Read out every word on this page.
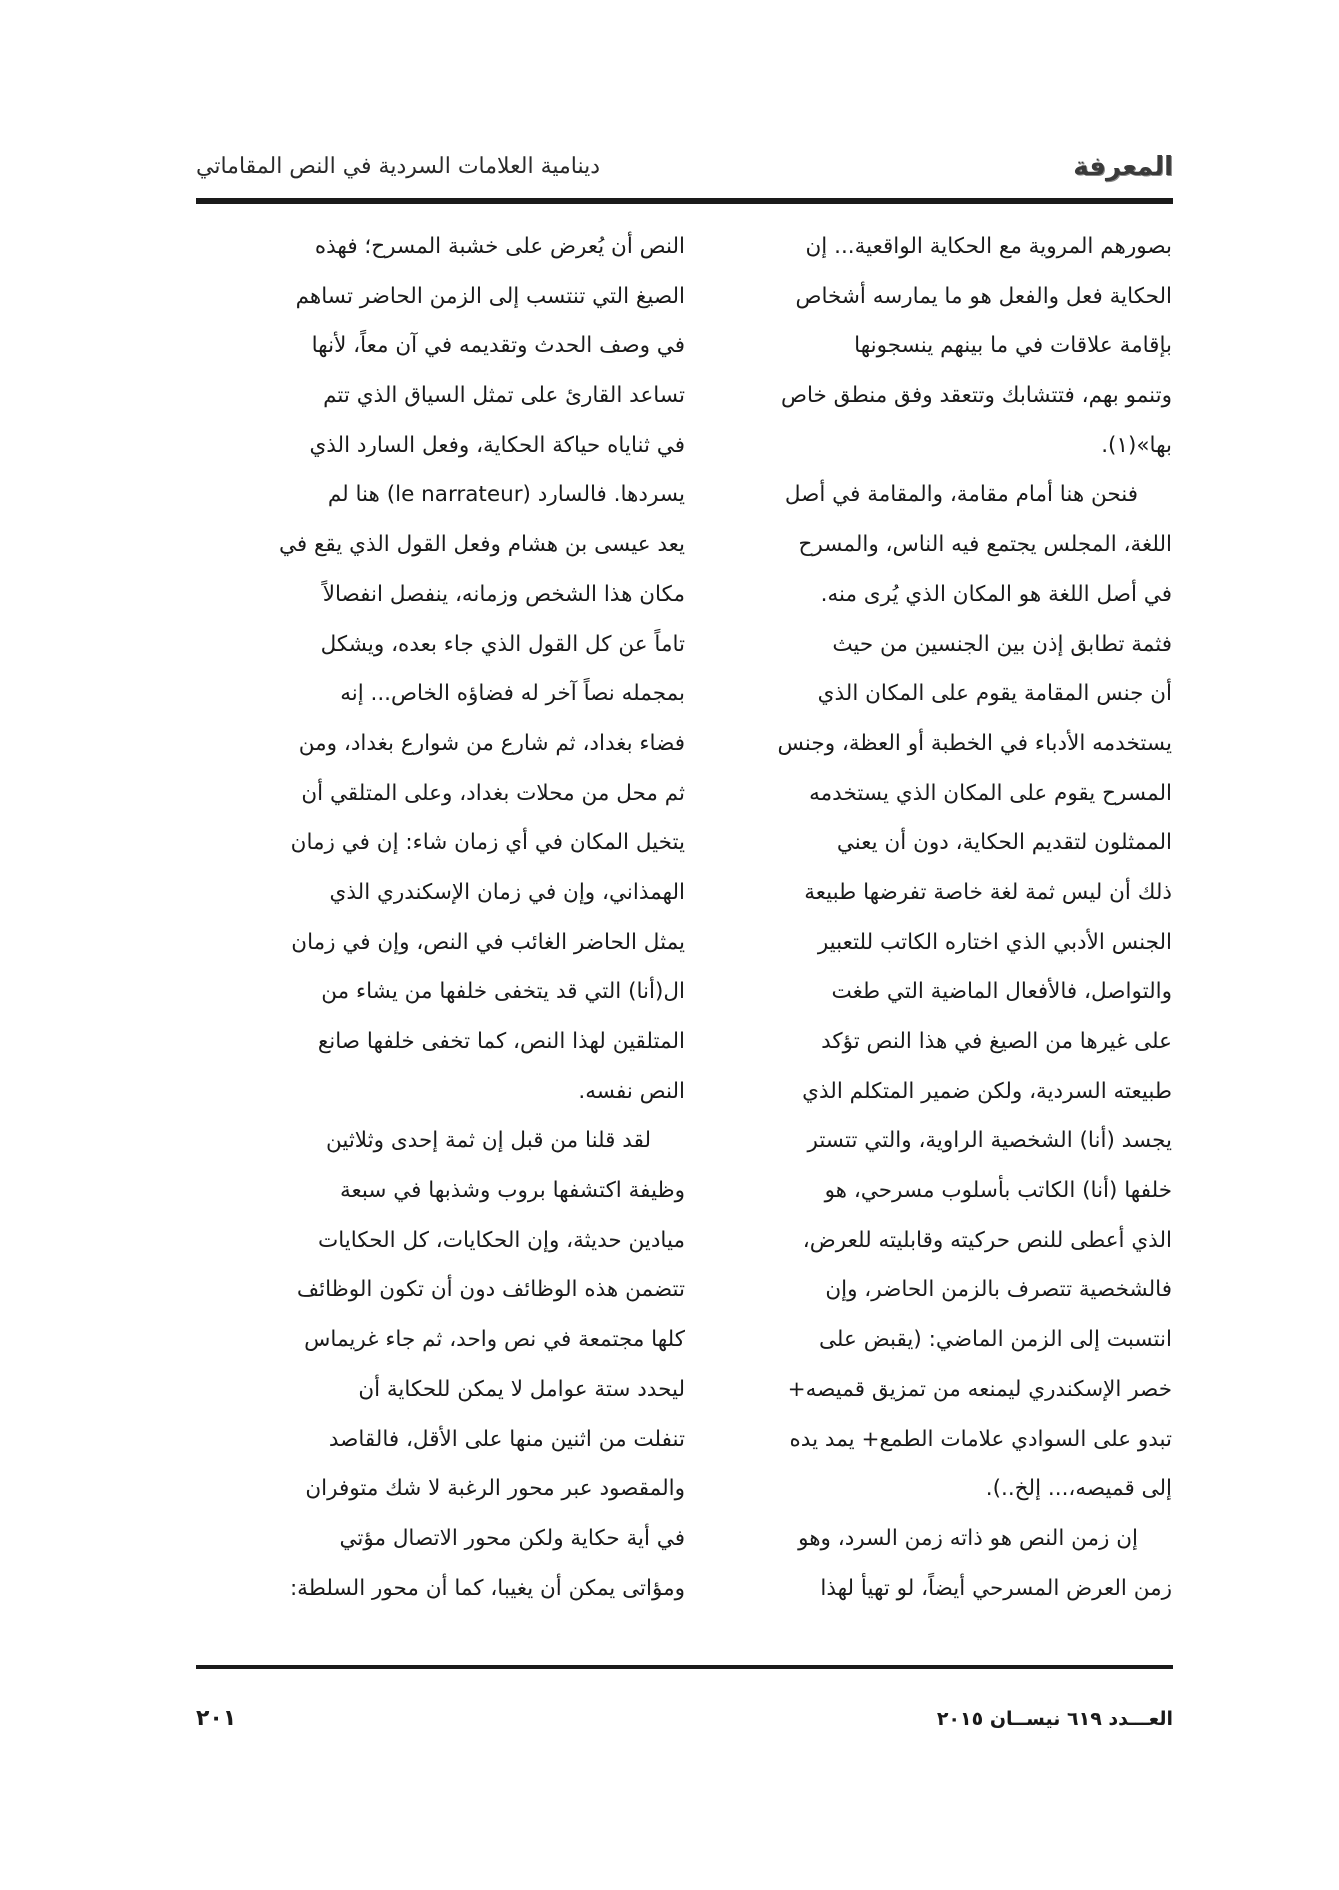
المعرفة
دينامية العلامات السردية في النص المقاماتي
بصورهم المروية مع الحكاية الواقعية... إن
الحكاية فعل والفعل هو ما يمارسه أشخاص
بإقامة علاقات في ما بينهم ينسجونها
وتنمو بهم، فتتشابك وتتعقد وفق منطق خاص
بها»(١).
فنحن هنا أمام مقامة، والمقامة في أصل
اللغة، المجلس يجتمع فيه الناس، والمسرح
في أصل اللغة هو المكان الذي يُرى منه.
فثمة تطابق إذن بين الجنسين من حيث
أن جنس المقامة يقوم على المكان الذي
يستخدمه الأدباء في الخطبة أو العظة، وجنس
المسرح يقوم على المكان الذي يستخدمه
الممثلون لتقديم الحكاية، دون أن يعني
ذلك أن ليس ثمة لغة خاصة تفرضها طبيعة
الجنس الأدبي الذي اختاره الكاتب للتعبير
والتواصل، فالأفعال الماضية التي طغت
على غيرها من الصيغ في هذا النص تؤكد
طبيعته السردية، ولكن ضمير المتكلم الذي
يجسد (أنا) الشخصية الراوية، والتي تتستر
خلفها (أنا) الكاتب بأسلوب مسرحي، هو
الذي أعطى للنص حركيته وقابليته للعرض،
فالشخصية تتصرف بالزمن الحاضر، وإن
انتسبت إلى الزمن الماضي: (يقبض على
خصر الإسكندري ليمنعه من تمزيق قميصه+
تبدو على السوادي علامات الطمع+ يمد يده
إلى قميصه،... إلخ..).
إن زمن النص هو ذاته زمن السرد، وهو
زمن العرض المسرحي أيضاً، لو تهيأ لهذا
النص أن يُعرض على خشبة المسرح؛ فهذه
الصيغ التي تنتسب إلى الزمن الحاضر تساهم
في وصف الحدث وتقديمه في آن معاً، لأنها
تساعد القارئ على تمثل السياق الذي تتم
في ثناياه حياكة الحكاية، وفعل السارد الذي
يسردها. فالسارد (le narrateur) هنا لم
يعد عيسى بن هشام وفعل القول الذي يقع في
مكان هذا الشخص وزمانه، ينفصل انفصالاً
تاماً عن كل القول الذي جاء بعده، ويشكل
بمجمله نصاً آخر له فضاؤه الخاص... إنه
فضاء بغداد، ثم شارع من شوارع بغداد، ومن
ثم محل من محلات بغداد، وعلى المتلقي أن
يتخيل المكان في أي زمان شاء: إن في زمان
الهمذاني، وإن في زمان الإسكندري الذي
يمثل الحاضر الغائب في النص، وإن في زمان
ال(أنا) التي قد يتخفى خلفها من يشاء من
المتلقين لهذا النص، كما تخفى خلفها صانع
النص نفسه.
لقد قلنا من قبل إن ثمة إحدى وثلاثين
وظيفة اكتشفها بروب وشذبها في سبعة
ميادين حديثة، وإن الحكايات، كل الحكايات
تتضمن هذه الوظائف دون أن تكون الوظائف
كلها مجتمعة في نص واحد، ثم جاء غريماس
ليحدد ستة عوامل لا يمكن للحكاية أن
تنفلت من اثنين منها على الأقل، فالقاصد
والمقصود عبر محور الرغبة لا شك متوفران
في أية حكاية ولكن محور الاتصال مؤتي
ومؤاتى يمكن أن يغيبا، كما أن محور السلطة:
العـــدد ٦١٩ نيســان ٢٠١٥
٢٠١
